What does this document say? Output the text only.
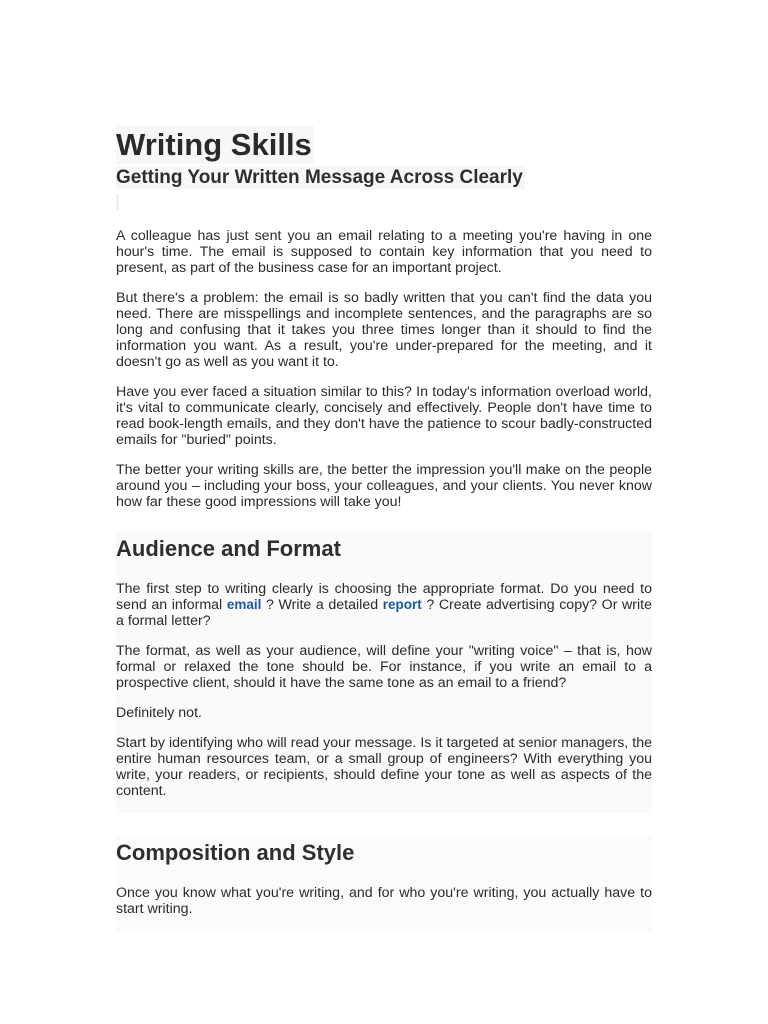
Writing Skills
Getting Your Written Message Across Clearly

A colleague has just sent you an email relating to a meeting you're having in one hour's time. The email is supposed to contain key information that you need to present, as part of the business case for an important project.

But there's a problem: the email is so badly written that you can't find the data you need. There are misspellings and incomplete sentences, and the paragraphs are so long and confusing that it takes you three times longer than it should to find the information you want. As a result, you're under-prepared for the meeting, and it doesn't go as well as you want it to.

Have you ever faced a situation similar to this? In today's information overload world, it's vital to communicate clearly, concisely and effectively. People don't have time to read book-length emails, and they don't have the patience to scour badly-constructed emails for "buried" points.

The better your writing skills are, the better the impression you'll make on the people around you – including your boss, your colleagues, and your clients. You never know how far these good impressions will take you!

Audience and Format

The first step to writing clearly is choosing the appropriate format. Do you need to send an informal email ? Write a detailed report ? Create advertising copy? Or write a formal letter?

The format, as well as your audience, will define your "writing voice" – that is, how formal or relaxed the tone should be. For instance, if you write an email to a prospective client, should it have the same tone as an email to a friend?

Definitely not.

Start by identifying who will read your message. Is it targeted at senior managers, the entire human resources team, or a small group of engineers? With everything you write, your readers, or recipients, should define your tone as well as aspects of the content.

Composition and Style

Once you know what you're writing, and for who you're writing, you actually have to start writing.
